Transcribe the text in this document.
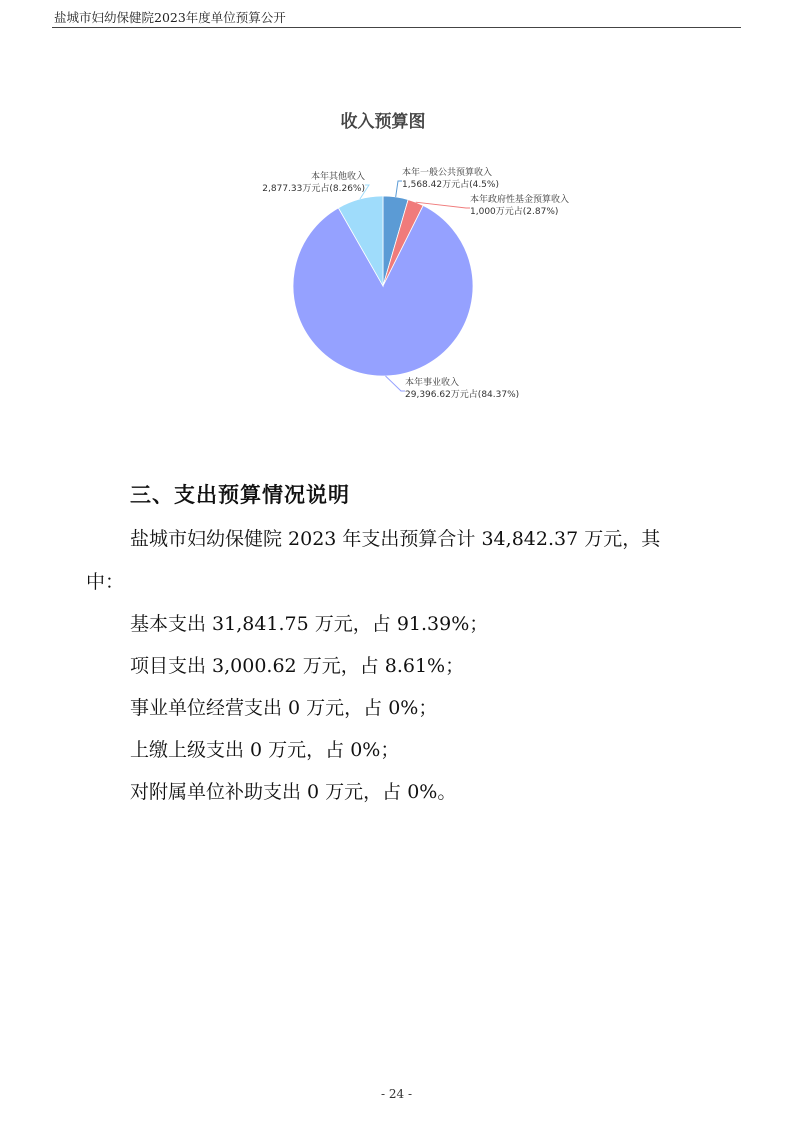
盐城市妇幼保健院2023年度单位预算公开
收入预算图
本年一般公共预算收入
1,568.42万元占(4.5%)
本年政府性基金预算收入
1,000万元占(2.87%)
本年事业收入
29,396.62万元占(84.37%)
本年其他收入
2,877.33万元占(8.26%)
三、支出预算情况说明
盐城市妇幼保健院 2023 年支出预算合计 34,842.37 万元，其
中：
基本支出 31,841.75 万元，占 91.39%；
项目支出 3,000.62 万元，占 8.61%；
事业单位经营支出 0 万元，占 0%；
上缴上级支出 0 万元，占 0%；
对附属单位补助支出 0 万元，占 0%。
- 24 -
